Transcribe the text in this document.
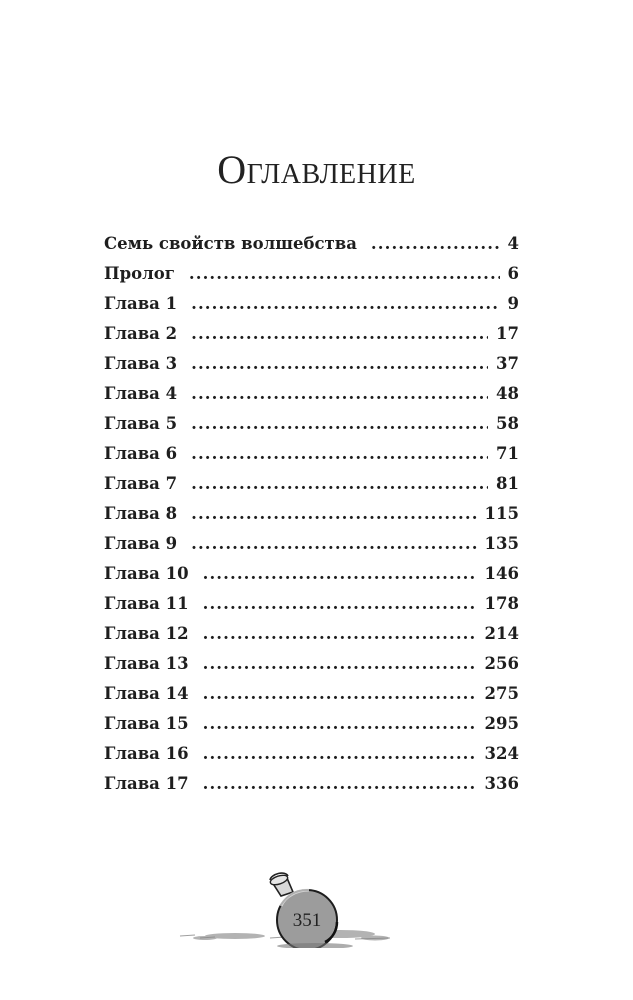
Оглавление
Семь свойств волшебства .....	4
Пролог .....	6
Глава 1 .....	9
Глава 2 .....	17
Глава 3 .....	37
Глава 4 .....	48
Глава 5 .....	58
Глава 6 .....	71
Глава 7 .....	81
Глава 8 .....	115
Глава 9 .....	135
Глава 10 .....	146
Глава 11 .....	178
Глава 12 .....	214
Глава 13 .....	256
Глава 14 .....	275
Глава 15 .....	295
Глава 16 .....	324
Глава 17 .....	336
351
